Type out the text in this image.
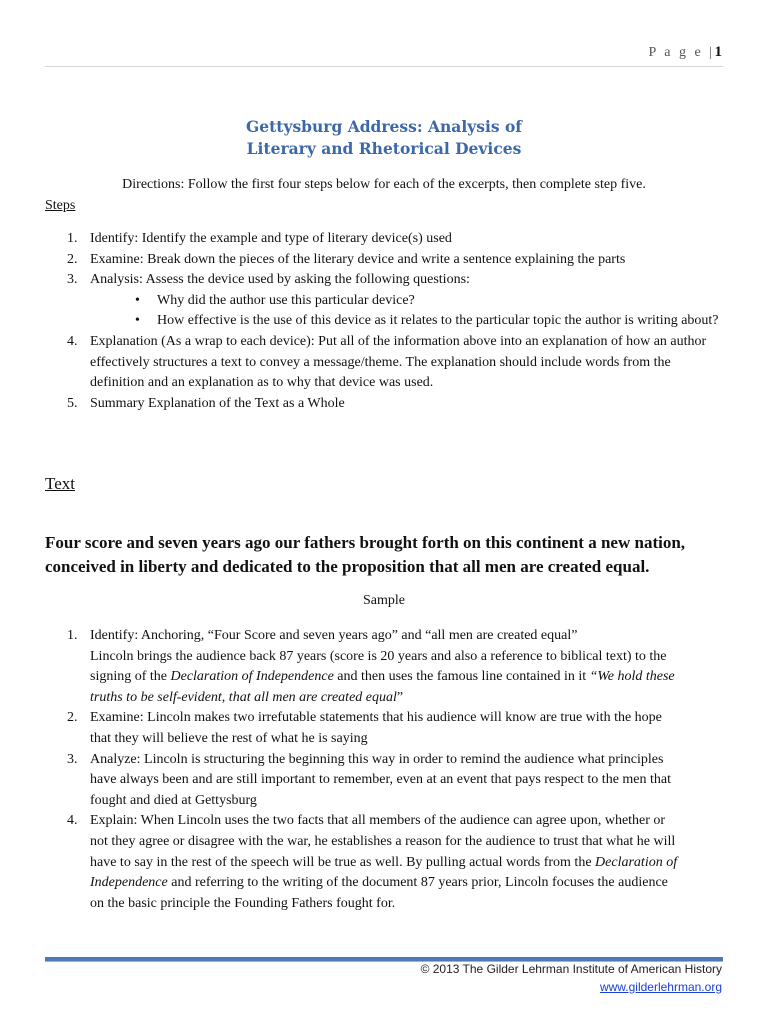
P a g e |1
Gettysburg Address: Analysis of
Literary and Rhetorical Devices
Directions: Follow the first four steps below for each of the excerpts, then complete step five.
Steps
1. Identify: Identify the example and type of literary device(s) used
2. Examine: Break down the pieces of the literary device and write a sentence explaining the parts
3. Analysis: Assess the device used by asking the following questions:
• Why did the author use this particular device?
• How effective is the use of this device as it relates to the particular topic the author is writing about?
4. Explanation (As a wrap to each device): Put all of the information above into an explanation of how an author effectively structures a text to convey a message/theme. The explanation should include words from the definition and an explanation as to why that device was used.
5. Summary Explanation of the Text as a Whole
Text
Four score and seven years ago our fathers brought forth on this continent a new nation,
conceived in liberty and dedicated to the proposition that all men are created equal.
Sample
1. Identify: Anchoring, “Four Score and seven years ago” and “all men are created equal”
Lincoln brings the audience back 87 years (score is 20 years and also a reference to biblical text) to the
signing of the Declaration of Independence and then uses the famous line contained in it “We hold these
truths to be self-evident, that all men are created equal”
2. Examine: Lincoln makes two irrefutable statements that his audience will know are true with the hope
that they will believe the rest of what he is saying
3. Analyze: Lincoln is structuring the beginning this way in order to remind the audience what principles
have always been and are still important to remember, even at an event that pays respect to the men that
fought and died at Gettysburg
4. Explain: When Lincoln uses the two facts that all members of the audience can agree upon, whether or
not they agree or disagree with the war, he establishes a reason for the audience to trust that what he will
have to say in the rest of the speech will be true as well. By pulling actual words from the Declaration of
Independence and referring to the writing of the document 87 years prior, Lincoln focuses the audience
on the basic principle the Founding Fathers fought for.
© 2013 The Gilder Lehrman Institute of American History
www.gilderlehrman.org
